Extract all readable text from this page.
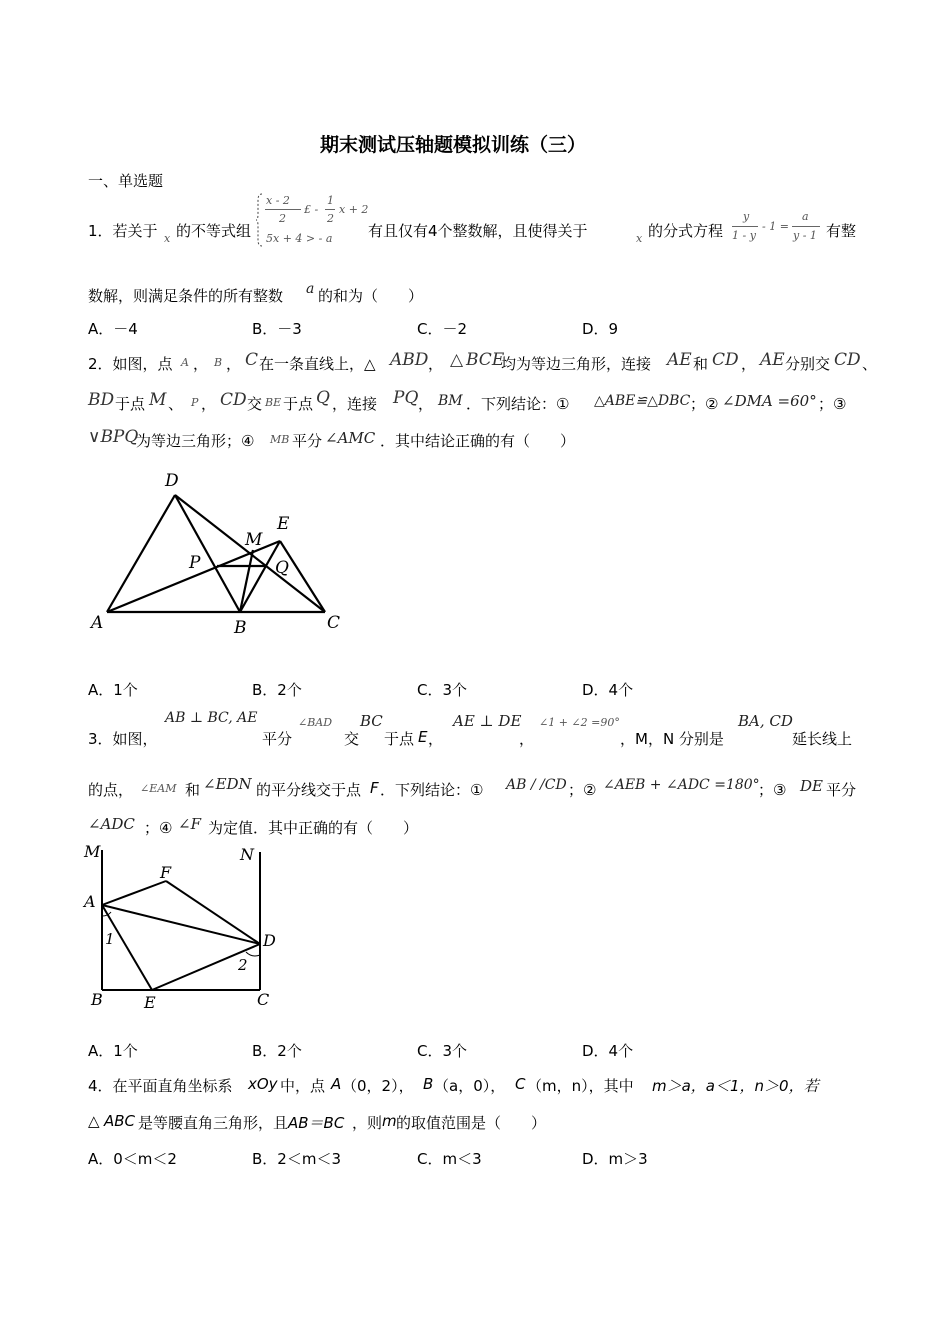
期末测试压轴题模拟训练（三）
一、单选题
1．若关于 x 的不等式组
x - 2
2
£ -
1
2
x + 2
5x + 4 > - a 有且仅有4个整数解，且使得关于	x 的分式方程
y
1 - y
- 1 =
a
y - 1 有整
数解，则满足条件的所有整数 a 的和为（　　）
A．－4	B．－3	C．－2	D．9
2．如图，点 A ， B ， C 在一条直线上，△ ABD ， △ BCE
均为等边三角形，连接 AE 和 CD ， AE 分别交 CD 、
BD 于点 M 、 P ， CD 交 BE 于点 Q ，连接 PQ ， BM ．下列结论：① △ABE≌△DBC ；② ∠DMA =60° ；③
∨BPQ
为等边三角形；④ MB 平分 ∠AMC ．其中结论正确的有（　　）
D
E
M
P	Q
A	B	C
A．1个	B．2个	C．3个	D．4个
3．如图，
AB ⊥ BC, AE
平分
∠BAD
交
BC
于点 E ，
AE ⊥ DE
，
∠1 + ∠2 =90°
，M，N 分别是
BA, CD
延长线上
的点， ∠EAM 和 ∠EDN 的平分线交于点 F ．下列结论：① AB / /CD ；② ∠AEB + ∠ADC =180°
；③ DE 平分
∠ADC ；④ ∠F 为定值．其中正确的有（　　）
M	N
F
A
D
1
2
B	E	C
A．1个	B．2个	C．3个	D．4个
4．在平面直角坐标系 xOy 中，点 A （0，2）， B （a，0）， C （m，n），其中 m＞a，a＜1，n＞0，若
△ ABC 是等腰直角三角形，且 AB＝BC ，则 m 的取值范围是（　　）
A．0＜m＜2	B．2＜m＜3	C．m＜3	D．m＞3
